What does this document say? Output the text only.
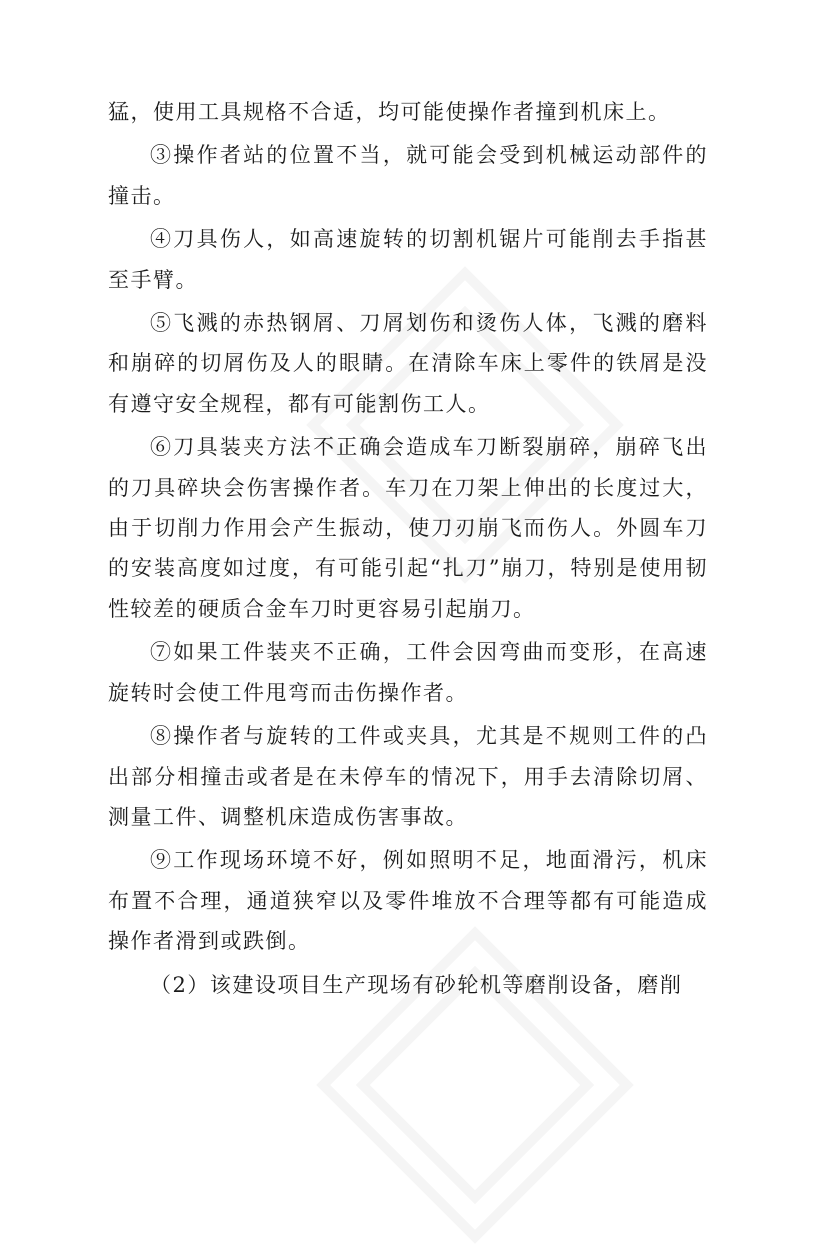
猛，使用工具规格不合适，均可能使操作者撞到机床上。

③操作者站的位置不当，就可能会受到机械运动部件的撞击。

④刀具伤人，如高速旋转的切割机锯片可能削去手指甚至手臂。

⑤飞溅的赤热钢屑、刀屑划伤和烫伤人体，飞溅的磨料和崩碎的切屑伤及人的眼睛。在清除车床上零件的铁屑是没有遵守安全规程，都有可能割伤工人。

⑥刀具装夹方法不正确会造成车刀断裂崩碎，崩碎飞出的刀具碎块会伤害操作者。车刀在刀架上伸出的长度过大，由于切削力作用会产生振动，使刀刃崩飞而伤人。外圆车刀的安装高度如过度，有可能引起“扎刀”崩刀，特别是使用韧性较差的硬质合金车刀时更容易引起崩刀。

⑦如果工件装夹不正确，工件会因弯曲而变形，在高速旋转时会使工件甩弯而击伤操作者。

⑧操作者与旋转的工件或夹具，尤其是不规则工件的凸出部分相撞击或者是在未停车的情况下，用手去清除切屑、测量工件、调整机床造成伤害事故。

⑨工作现场环境不好，例如照明不足，地面滑污，机床布置不合理，通道狭窄以及零件堆放不合理等都有可能造成操作者滑到或跌倒。

（2）该建设项目生产现场有砂轮机等磨削设备，磨削
